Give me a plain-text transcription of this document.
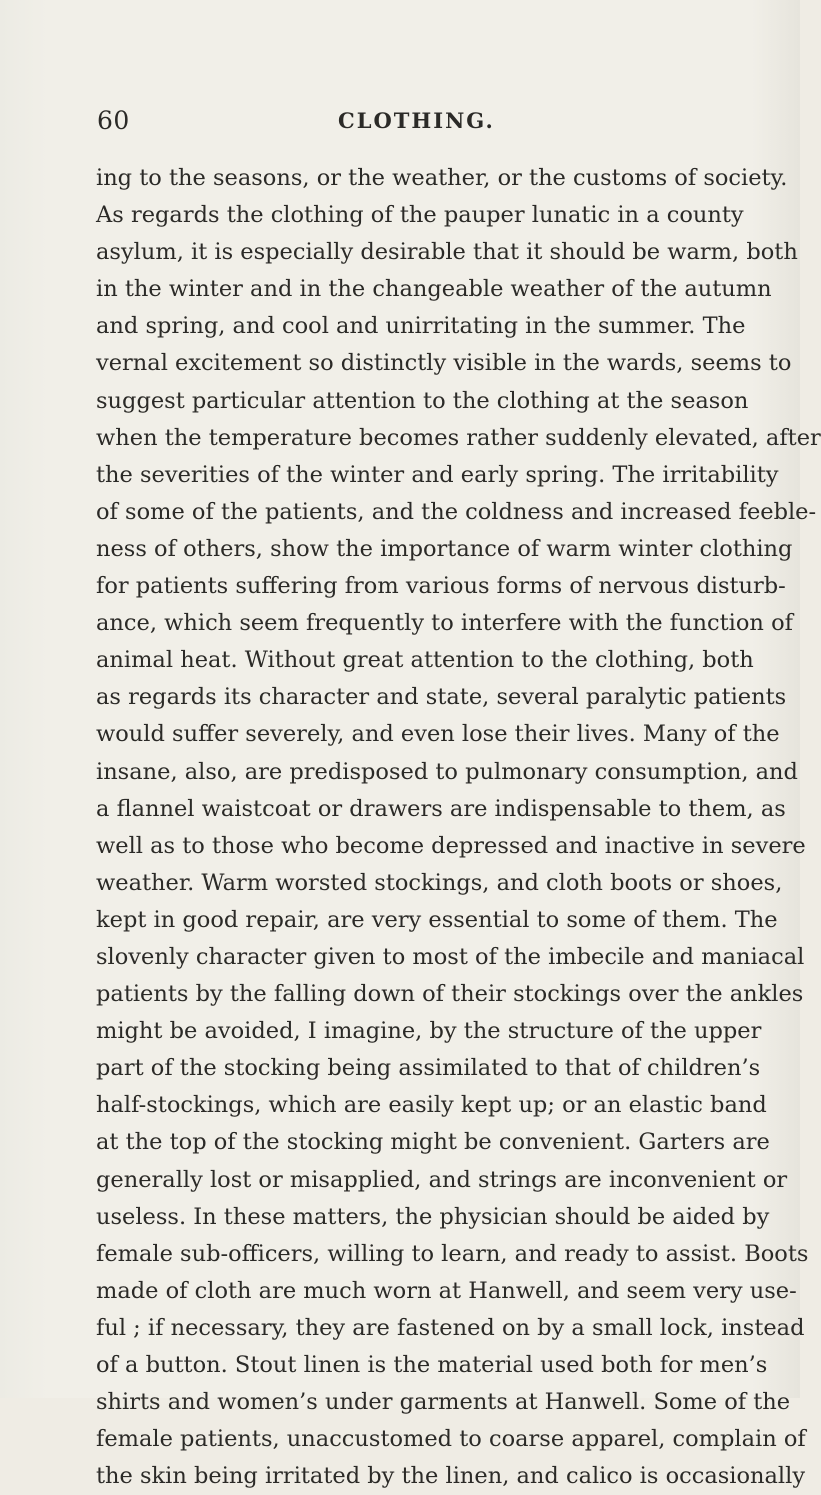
60	CLOTHING.
ing to the seasons, or the weather, or the customs of society.
As regards the clothing of the pauper lunatic in a county
asylum, it is especially desirable that it should be warm, both
in the winter and in the changeable weather of the autumn
and spring, and cool and unirritating in the summer. The
vernal excitement so distinctly visible in the wards, seems to
suggest particular attention to the clothing at the season
when the temperature becomes rather suddenly elevated, after
the severities of the winter and early spring. The irritability
of some of the patients, and the coldness and increased feeble-
ness of others, show the importance of warm winter clothing
for patients suffering from various forms of nervous disturb-
ance, which seem frequently to interfere with the function of
animal heat. Without great attention to the clothing, both
as regards its character and state, several paralytic patients
would suffer severely, and even lose their lives. Many of the
insane, also, are predisposed to pulmonary consumption, and
a flannel waistcoat or drawers are indispensable to them, as
well as to those who become depressed and inactive in severe
weather. Warm worsted stockings, and cloth boots or shoes,
kept in good repair, are very essential to some of them. The
slovenly character given to most of the imbecile and maniacal
patients by the falling down of their stockings over the ankles
might be avoided, I imagine, by the structure of the upper
part of the stocking being assimilated to that of children’s
half-stockings, which are easily kept up; or an elastic band
at the top of the stocking might be convenient. Garters are
generally lost or misapplied, and strings are inconvenient or
useless. In these matters, the physician should be aided by
female sub-officers, willing to learn, and ready to assist. Boots
made of cloth are much worn at Hanwell, and seem very use-
ful ; if necessary, they are fastened on by a small lock, instead
of a button. Stout linen is the material used both for men’s
shirts and women’s under garments at Hanwell. Some of the
female patients, unaccustomed to coarse apparel, complain of
the skin being irritated by the linen, and calico is occasionally
